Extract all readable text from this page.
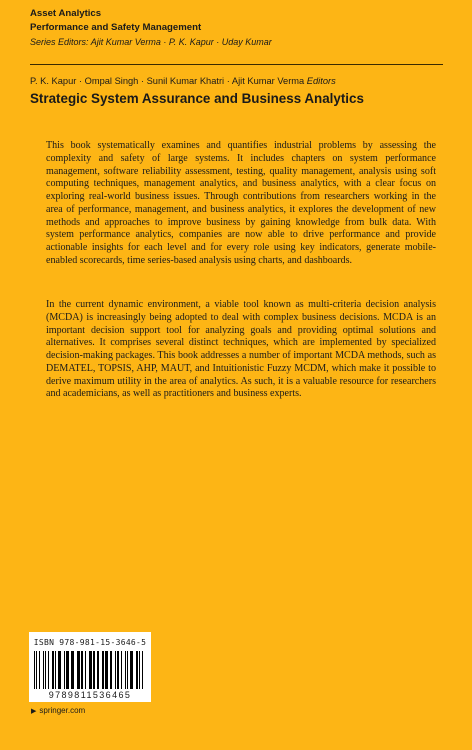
Asset Analytics
Performance and Safety Management
Series Editors: Ajit Kumar Verma · P. K. Kapur · Uday Kumar
P. K. Kapur · Ompal Singh · Sunil Kumar Khatri · Ajit Kumar Verma Editors
Strategic System Assurance and Business Analytics

This book systematically examines and quantifies industrial problems by assessing the complexity and safety of large systems. It includes chapters on system performance management, software reliability assessment, testing, quality management, analysis using soft computing techniques, management analytics, and business analytics, with a clear focus on exploring real-world business issues. Through contributions from researchers working in the area of performance, management, and business analytics, it explores the development of new methods and approaches to improve business by gaining knowledge from bulk data. With system performance analytics, companies are now able to drive performance and provide actionable insights for each level and for every role using key indicators, generate mobile-enabled scorecards, time series-based analysis using charts, and dashboards.

In the current dynamic environment, a viable tool known as multi-criteria decision analysis (MCDA) is increasingly being adopted to deal with complex business decisions. MCDA is an important decision support tool for analyzing goals and providing optimal solutions and alternatives. It comprises several distinct techniques, which are implemented by specialized decision-making packages. This book addresses a number of important MCDA methods, such as DEMATEL, TOPSIS, AHP, MAUT, and Intuitionistic Fuzzy MCDM, which make it possible to derive maximum utility in the area of analytics. As such, it is a valuable resource for researchers and academicians, as well as practitioners and business experts.

ISBN 978-981-15-3646-5
9789811536465
▶ springer.com
